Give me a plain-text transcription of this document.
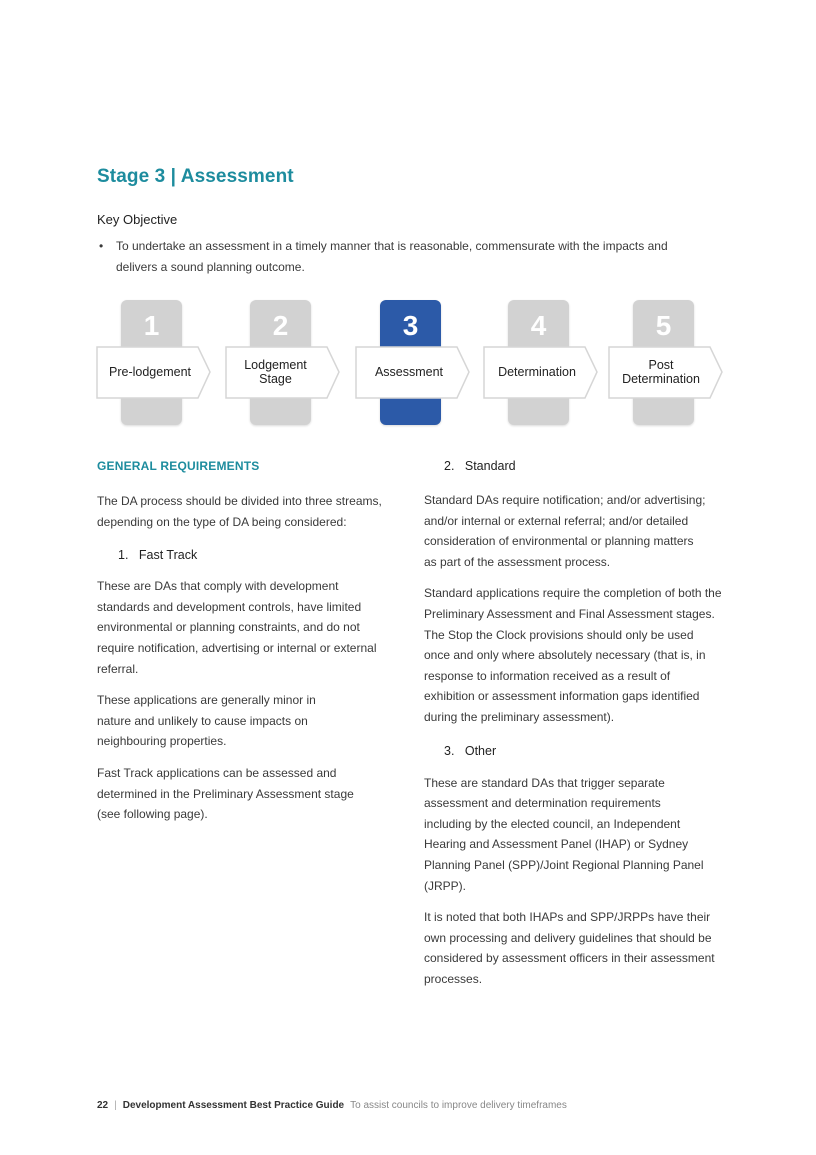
Stage 3 | Assessment
Key Objective
•	To undertake an assessment in a timely manner that is reasonable, commensurate with the impacts and delivers a sound planning outcome.
1
Pre-lodgement
2
Lodgement Stage
3
Assessment
4
Determination
5
Post Determination
GENERAL REQUIREMENTS

The DA process should be divided into three streams, depending on the type of DA being considered:

1. Fast Track

These are DAs that comply with development standards and development controls, have limited environmental or planning constraints, and do not require notification, advertising or internal or external referral.

These applications are generally minor in nature and unlikely to cause impacts on neighbouring properties.

Fast Track applications can be assessed and determined in the Preliminary Assessment stage (see following page).

2. Standard

Standard DAs require notification; and/or advertising; and/or internal or external referral; and/or detailed consideration of environmental or planning matters as part of the assessment process.

Standard applications require the completion of both the Preliminary Assessment and Final Assessment stages. The Stop the Clock provisions should only be used once and only where absolutely necessary (that is, in response to information received as a result of exhibition or assessment information gaps identified during the preliminary assessment).

3. Other

These are standard DAs that trigger separate assessment and determination requirements including by the elected council, an Independent Hearing and Assessment Panel (IHAP) or Sydney Planning Panel (SPP)/Joint Regional Planning Panel (JRPP).

It is noted that both IHAPs and SPP/JRPPs have their own processing and delivery guidelines that should be considered by assessment officers in their assessment processes.

22 | Development Assessment Best Practice Guide To assist councils to improve delivery timeframes
